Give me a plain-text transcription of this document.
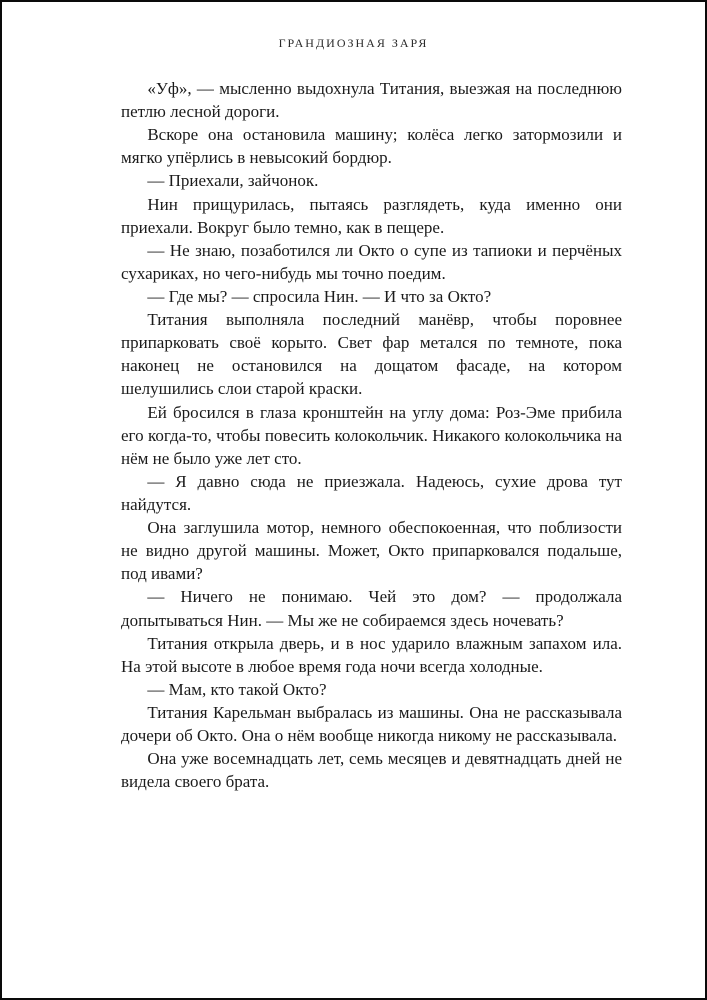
ГРАНДИОЗНАЯ ЗАРЯ

«Уф», — мысленно выдохнула Титания, выезжая на последнюю петлю лесной дороги.

Вскоре она остановила машину; колёса легко затормозили и мягко упёрлись в невысокий бордюр.

— Приехали, зайчонок.

Нин прищурилась, пытаясь разглядеть, куда именно они приехали. Вокруг было темно, как в пещере.

— Не знаю, позаботился ли Окто о супе из тапиоки и перчёных сухариках, но чего-нибудь мы точно поедим.

— Где мы? — спросила Нин. — И что за Окто?

Титания выполняла последний манёвр, чтобы поровнее припарковать своё корыто. Свет фар метался по темноте, пока наконец не остановился на дощатом фасаде, на котором шелушились слои старой краски.

Ей бросился в глаза кронштейн на углу дома: Роз-Эме прибила его когда-то, чтобы повесить колокольчик. Никакого колокольчика на нём не было уже лет сто.

— Я давно сюда не приезжала. Надеюсь, сухие дрова тут найдутся.

Она заглушила мотор, немного обеспокоенная, что поблизости не видно другой машины. Может, Окто припарковался подальше, под ивами?

— Ничего не понимаю. Чей это дом? — продолжала допытываться Нин. — Мы же не собираемся здесь ночевать?

Титания открыла дверь, и в нос ударило влажным запахом ила. На этой высоте в любое время года ночи всегда холодные.

— Мам, кто такой Окто?

Титания Карельман выбралась из машины. Она не рассказывала дочери об Окто. Она о нём вообще никогда никому не рассказывала.

Она уже восемнадцать лет, семь месяцев и девятнадцать дней не видела своего брата.
